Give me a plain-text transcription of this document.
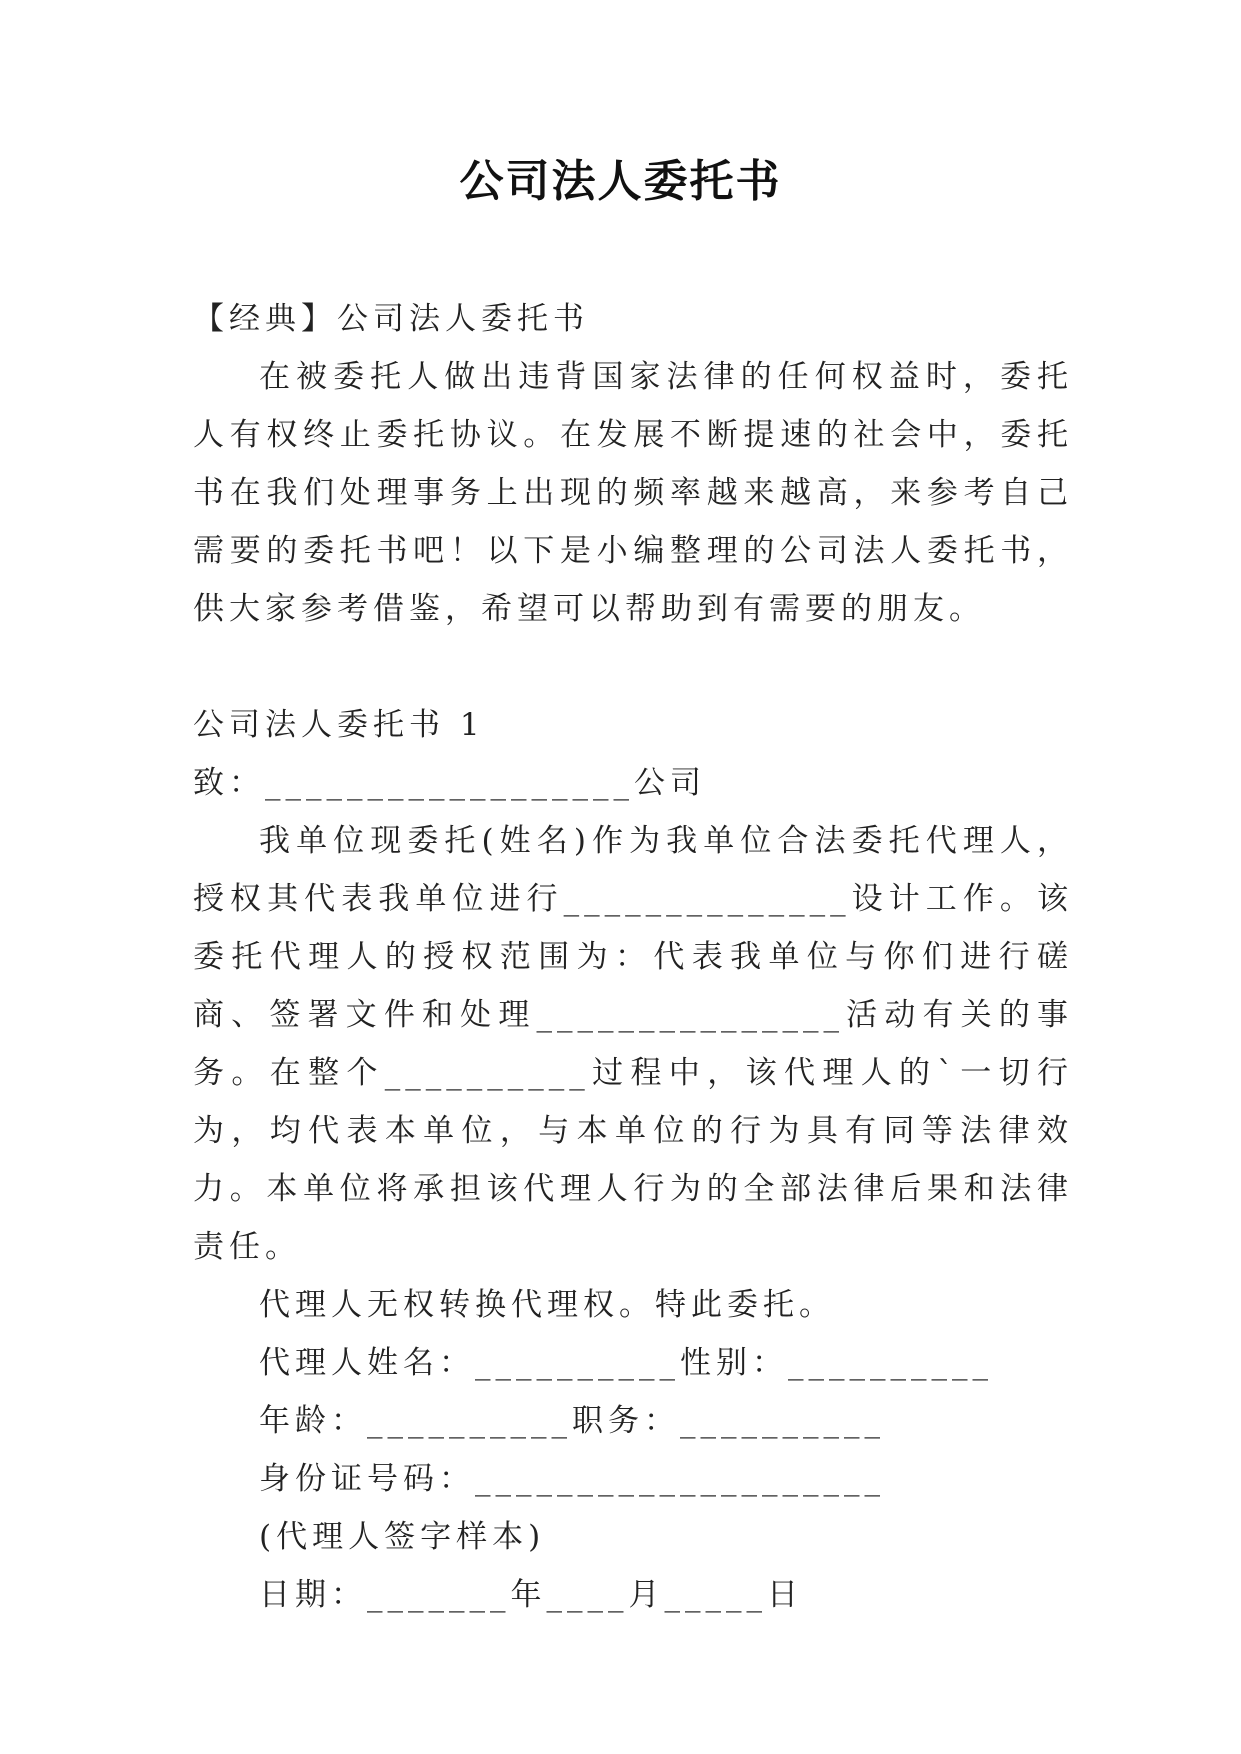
公司法人委托书

【经典】公司法人委托书

在被委托人做出违背国家法律的任何权益时，委托人有权终止委托协议。在发展不断提速的社会中，委托书在我们处理事务上出现的频率越来越高，来参考自己需要的委托书吧！以下是小编整理的公司法人委托书，供大家参考借鉴，希望可以帮助到有需要的朋友。

公司法人委托书 1

致：__________________公司

我单位现委托(姓名)作为我单位合法委托代理人，授权其代表我单位进行______________设计工作。该委托代理人的授权范围为：代表我单位与你们进行磋商、签署文件和处理_______________活动有关的事务。在整个__________过程中，该代理人的`一切行为，均代表本单位，与本单位的行为具有同等法律效力。本单位将承担该代理人行为的全部法律后果和法律责任。

代理人无权转换代理权。特此委托。

代理人姓名：__________性别：__________

年龄：__________职务：__________

身份证号码：____________________

(代理人签字样本)

日期：_______年____月_____日
